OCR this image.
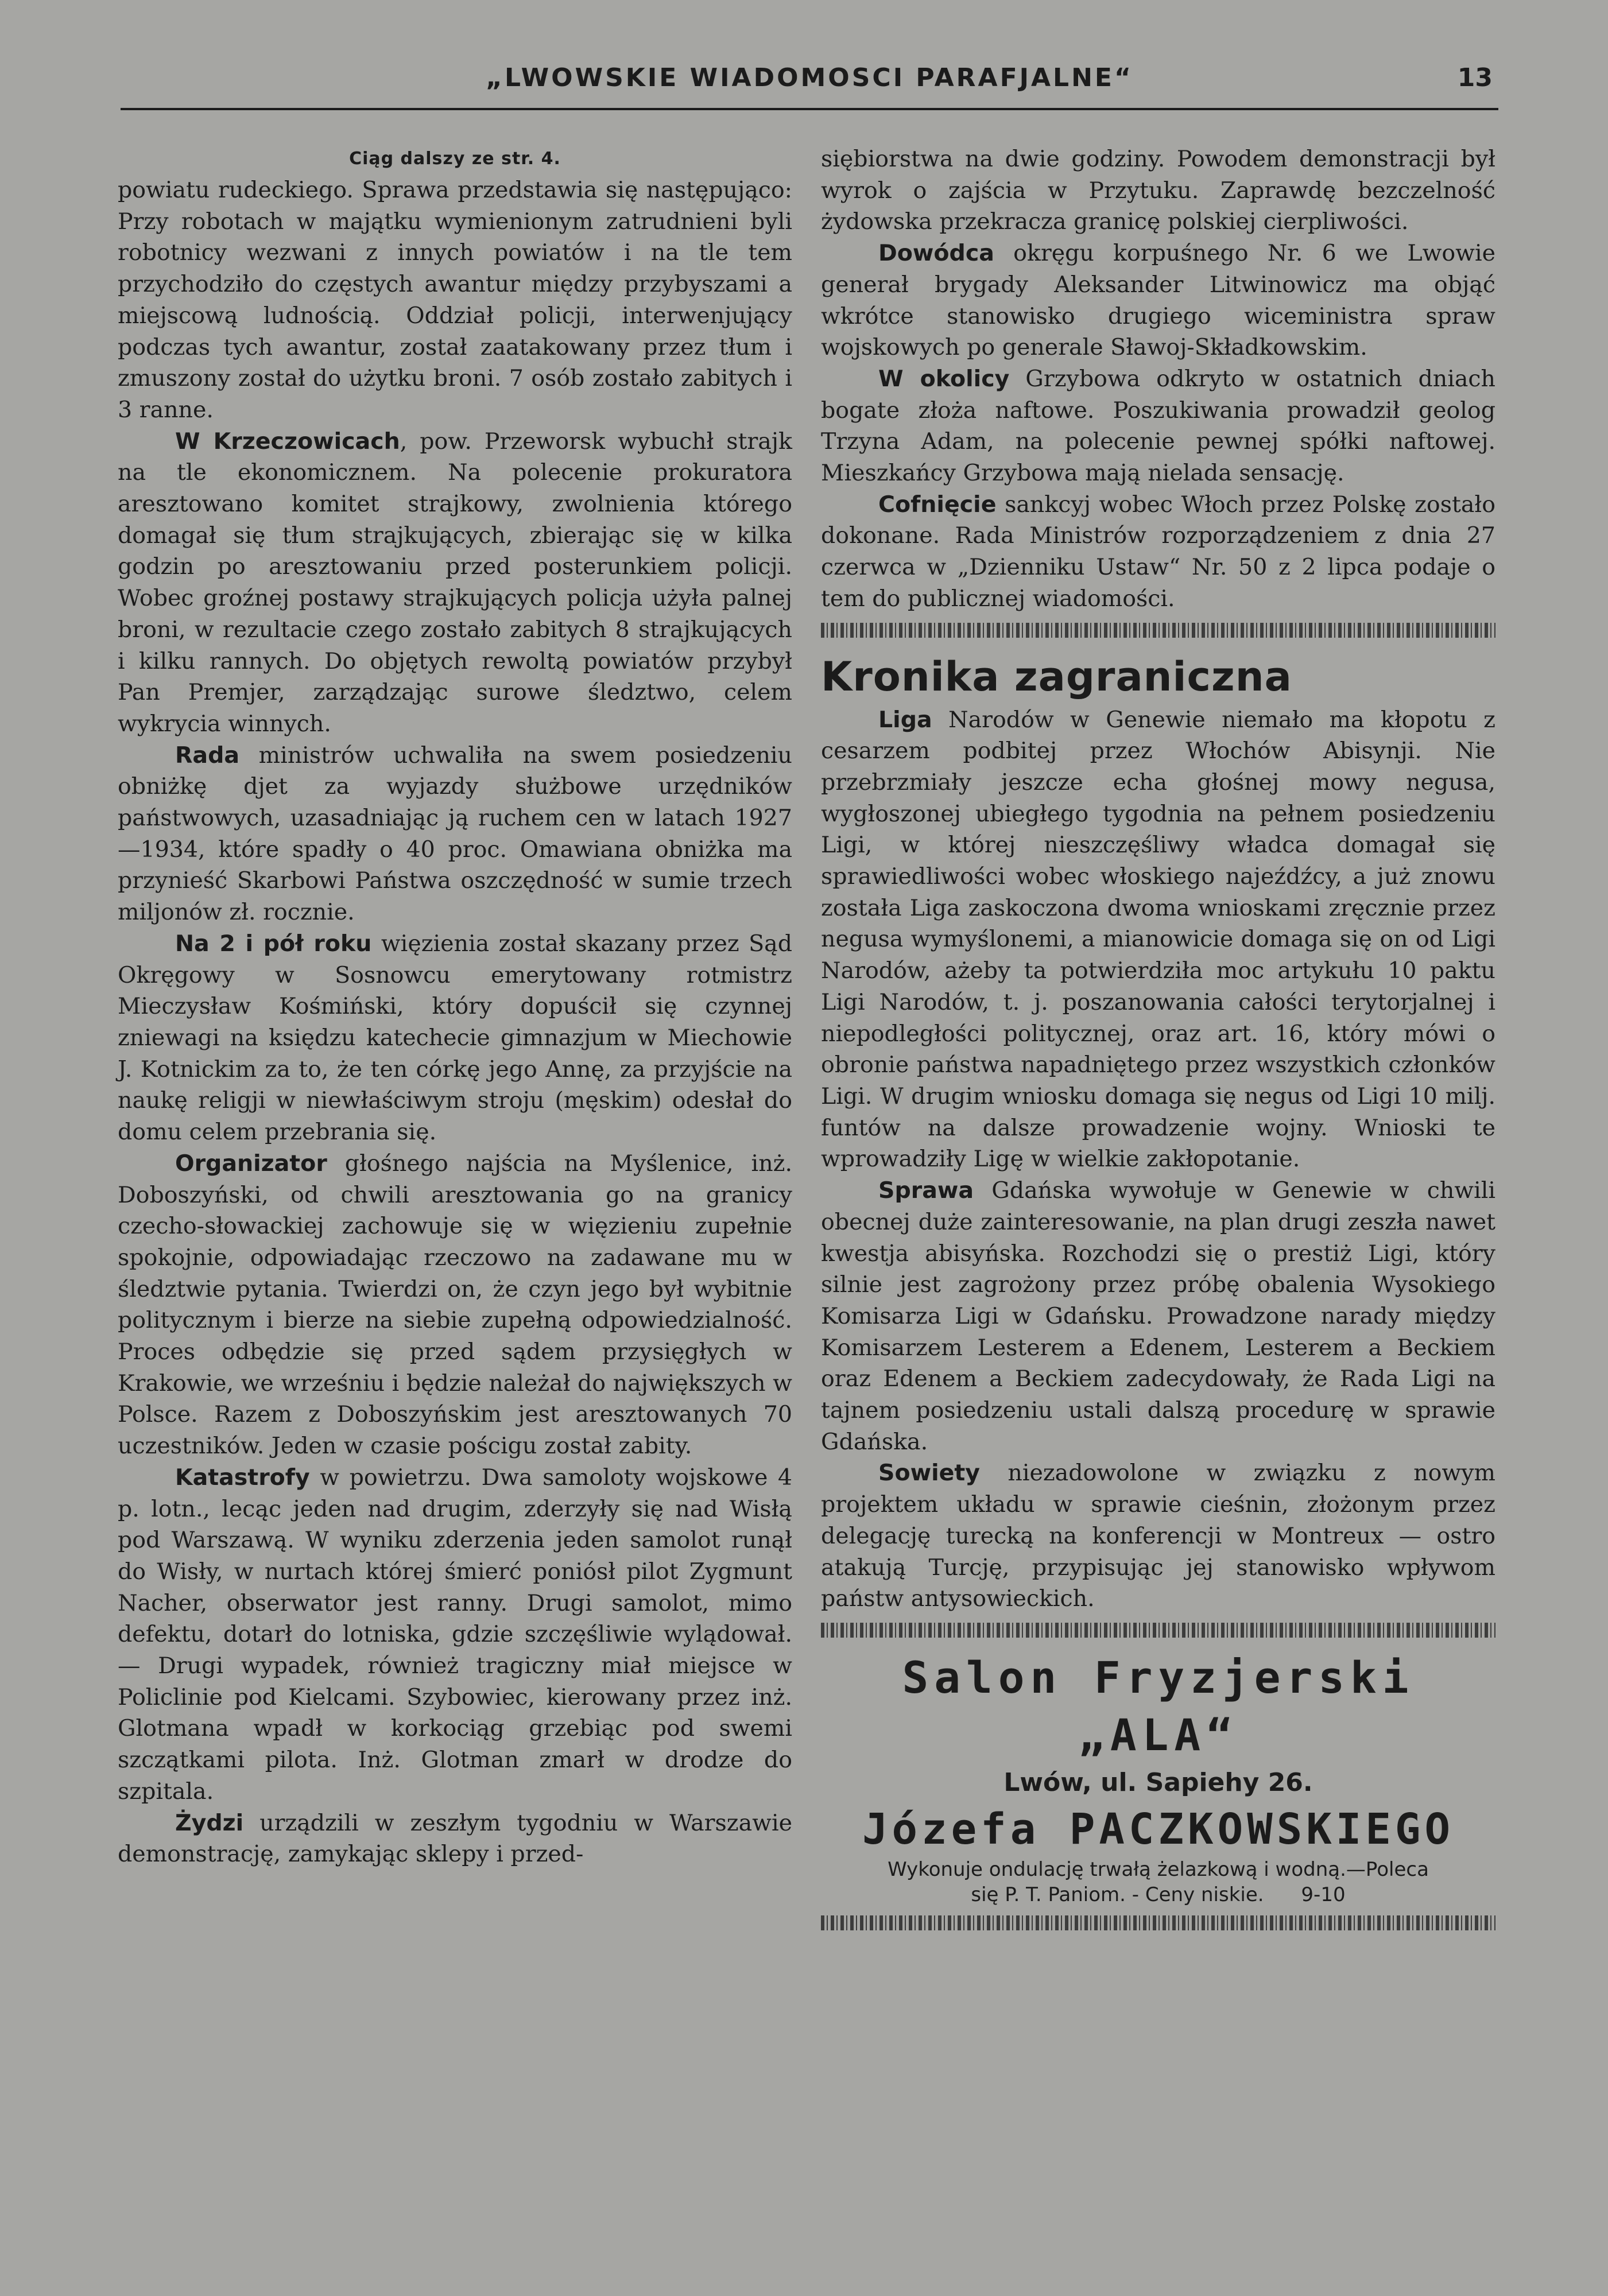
„LWOWSKIE WIADOMOSCI PARAFJALNE“	13

Ciąg dalszy ze str. 4.

powiatu rudeckiego. Sprawa przedstawia się następująco: Przy robotach w majątku wymienionym zatrudnieni byli robotnicy wezwani z innych powiatów i na tle tem przychodziło do częstych awantur między przybyszami a miejscową ludnością. Oddział policji, interwenjujący podczas tych awantur, został zaatakowany przez tłum i zmuszony został do użytku broni. 7 osób zostało zabitych i 3 ranne.

W Krzeczowicach, pow. Przeworsk wybuchł strajk na tle ekonomicznem. Na polecenie prokuratora aresztowano komitet strajkowy, zwolnienia którego domagał się tłum strajkujących, zbierając się w kilka godzin po aresztowaniu przed posterunkiem policji. Wobec groźnej postawy strajkujących policja użyła palnej broni, w rezultacie czego zostało zabitych 8 strajkujących i kilku rannych. Do objętych rewoltą powiatów przybył Pan Premjer, zarządzając surowe śledztwo, celem wykrycia winnych.

Rada ministrów uchwaliła na swem posiedzeniu obniżkę djet za wyjazdy służbowe urzędników państwowych, uzasadniając ją ruchem cen w latach 1927—1934, które spadły o 40 proc. Omawiana obniżka ma przynieść Skarbowi Państwa oszczędność w sumie trzech miljonów zł. rocznie.

Na 2 i pół roku więzienia został skazany przez Sąd Okręgowy w Sosnowcu emerytowany rotmistrz Mieczysław Kośmiński, który dopuścił się czynnej zniewagi na księdzu katechecie gimnazjum w Miechowie J. Kotnickim za to, że ten córkę jego Annę, za przyjście na naukę religji w niewłaściwym stroju (męskim) odesłał do domu celem przebrania się.

Organizator głośnego najścia na Myślenice, inż. Doboszyński, od chwili aresztowania go na granicy czecho-słowackiej zachowuje się w więzieniu zupełnie spokojnie, odpowiadając rzeczowo na zadawane mu w śledztwie pytania. Twierdzi on, że czyn jego był wybitnie politycznym i bierze na siebie zupełną odpowiedzialność. Proces odbędzie się przed sądem przysięgłych w Krakowie, we wrześniu i będzie należał do największych w Polsce. Razem z Doboszyńskim jest aresztowanych 70 uczestników. Jeden w czasie pościgu został zabity.

Katastrofy w powietrzu. Dwa samoloty wojskowe 4 p. lotn., lecąc jeden nad drugim, zderzyły się nad Wisłą pod Warszawą. W wyniku zderzenia jeden samolot runął do Wisły, w nurtach której śmierć poniósł pilot Zygmunt Nacher, obserwator jest ranny. Drugi samolot, mimo defektu, dotarł do lotniska, gdzie szczęśliwie wylądował. — Drugi wypadek, również tragiczny miał miejsce w Policlinie pod Kielcami. Szybowiec, kierowany przez inż. Glotmana wpadł w korkociąg grzebiąc pod swemi szczątkami pilota. Inż. Glotman zmarł w drodze do szpitala.

Żydzi urządzili w zeszłym tygodniu w Warszawie demonstrację, zamykając sklepy i przed-

siębiorstwa na dwie godziny. Powodem demonstracji był wyrok o zajścia w Przytuku. Zaprawdę bezczelność żydowska przekracza granicę polskiej cierpliwości.

Dowódca okręgu korpuśnego Nr. 6 we Lwowie generał brygady Aleksander Litwinowicz ma objąć wkrótce stanowisko drugiego wiceministra spraw wojskowych po generale Sławoj-Składkowskim.

W okolicy Grzybowa odkryto w ostatnich dniach bogate złoża naftowe. Poszukiwania prowadził geolog Trzyna Adam, na polecenie pewnej spółki naftowej. Mieszkańcy Grzybowa mają nielada sensację.

Cofnięcie sankcyj wobec Włoch przez Polskę zostało dokonane. Rada Ministrów rozporządzeniem z dnia 27 czerwca w „Dzienniku Ustaw“ Nr. 50 z 2 lipca podaje o tem do publicznej wiadomości.

Kronika zagraniczna

Liga Narodów w Genewie niemało ma kłopotu z cesarzem podbitej przez Włochów Abisynji. Nie przebrzmiały jeszcze echa głośnej mowy negusa, wygłoszonej ubiegłego tygodnia na pełnem posiedzeniu Ligi, w której nieszczęśliwy władca domagał się sprawiedliwości wobec włoskiego najeźdźcy, a już znowu została Liga zaskoczona dwoma wnioskami zręcznie przez negusa wymyślonemi, a mianowicie domaga się on od Ligi Narodów, ażeby ta potwierdziła moc artykułu 10 paktu Ligi Narodów, t. j. poszanowania całości terytorjalnej i niepodległości politycznej, oraz art. 16, który mówi o obronie państwa napadniętego przez wszystkich członków Ligi. W drugim wniosku domaga się negus od Ligi 10 milj. funtów na dalsze prowadzenie wojny. Wnioski te wprowadziły Ligę w wielkie zakłopotanie.

Sprawa Gdańska wywołuje w Genewie w chwili obecnej duże zainteresowanie, na plan drugi zeszła nawet kwestja abisyńska. Rozchodzi się o prestiż Ligi, który silnie jest zagrożony przez próbę obalenia Wysokiego Komisarza Ligi w Gdańsku. Prowadzone narady między Komisarzem Lesterem a Edenem, Lesterem a Beckiem oraz Edenem a Beckiem zadecydowały, że Rada Ligi na tajnem posiedzeniu ustali dalszą procedurę w sprawie Gdańska.

Sowiety niezadowolone w związku z nowym projektem układu w sprawie cieśnin, złożonym przez delegację turecką na konferencji w Montreux — ostro atakują Turcję, przypisując jej stanowisko wpływom państw antysowieckich.

Salon Fryzjerski „ALA“
Lwów, ul. Sapiehy 26.
Józefa PACZKOWSKIEGO
Wykonuje ondulację trwałą żelazkową i wodną.—Poleca
się P. T. Paniom. - Ceny niskie.      9-10
